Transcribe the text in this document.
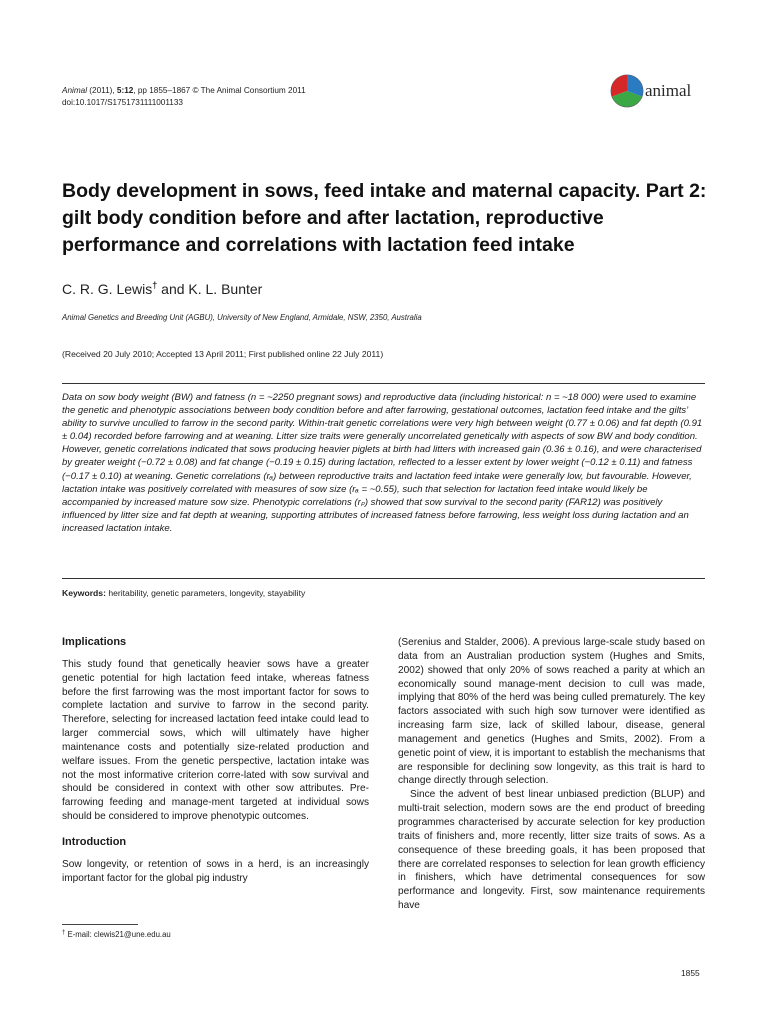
Animal (2011), 5:12, pp 1855–1867 © The Animal Consortium 2011
doi:10.1017/S1751731111001133
animal
Body development in sows, feed intake and maternal capacity. Part 2: gilt body condition before and after lactation, reproductive performance and correlations with lactation feed intake
C. R. G. Lewis† and K. L. Bunter
Animal Genetics and Breeding Unit (AGBU), University of New England, Armidale, NSW, 2350, Australia
(Received 20 July 2010; Accepted 13 April 2011; First published online 22 July 2011)

Data on sow body weight (BW) and fatness (n = ~2250 pregnant sows) and reproductive data (including historical: n = ~18 000) were used to examine the genetic and phenotypic associations between body condition before and after farrowing, gestational outcomes, lactation feed intake and the gilts’ ability to survive unculled to farrow in the second parity. Within-trait genetic correlations were very high between weight (0.77 ± 0.06) and fat depth (0.91 ± 0.04) recorded before farrowing and at weaning. Litter size traits were generally uncorrelated genetically with aspects of sow BW and body condition. However, genetic correlations indicated that sows producing heavier piglets at birth had litters with increased gain (0.36 ± 0.16), and were characterised by greater weight (−0.72 ± 0.08) and fat change (−0.19 ± 0.15) during lactation, reflected to a lesser extent by lower weight (−0.12 ± 0.11) and fatness (−0.17 ± 0.10) at weaning. Genetic correlations (rₐ) between reproductive traits and lactation feed intake were generally low, but favourable. However, lactation intake was positively correlated with measures of sow size (rₐ = ~0.55), such that selection for lactation feed intake would likely be accompanied by increased mature sow size. Phenotypic correlations (rₚ) showed that sow survival to the second parity (FAR12) was positively influenced by litter size and fat depth at weaning, supporting attributes of increased fatness before farrowing, less weight loss during lactation and an increased lactation intake.

Keywords: heritability, genetic parameters, longevity, stayability
Implications

This study found that genetically heavier sows have a greater genetic potential for high lactation feed intake, whereas fatness before the first farrowing was the most important factor for sows to complete lactation and survive to farrow in the second parity. Therefore, selecting for increased lactation feed intake could lead to larger commercial sows, which will ultimately have higher maintenance costs and potentially size-related production and welfare issues. From the genetic perspective, lactation intake was not the most informative criterion corre-lated with sow survival and should be considered in context with other sow attributes. Pre-farrowing feeding and manage-ment targeted at individual sows should be considered to improve phenotypic outcomes.

Introduction

Sow longevity, or retention of sows in a herd, is an increasingly important factor for the global pig industry

(Serenius and Stalder, 2006). A previous large-scale study based on data from an Australian production system (Hughes and Smits, 2002) showed that only 20% of sows reached a parity at which an economically sound manage-ment decision to cull was made, implying that 80% of the herd was being culled prematurely. The key factors associated with such high sow turnover were identified as increasing farm size, lack of skilled labour, disease, general management and genetics (Hughes and Smits, 2002). From a genetic point of view, it is important to establish the mechanisms that are responsible for declining sow longevity, as this trait is hard to change directly through selection.

Since the advent of best linear unbiased prediction (BLUP) and multi-trait selection, modern sows are the end product of breeding programmes characterised by accurate selection for key production traits of finishers and, more recently, litter size traits of sows. As a consequence of these breeding goals, it has been proposed that there are correlated responses to selection for lean growth efficiency in finishers, which have detrimental consequences for sow performance and longevity. First, sow maintenance requirements have

† E-mail: clewis21@une.edu.au
1855
